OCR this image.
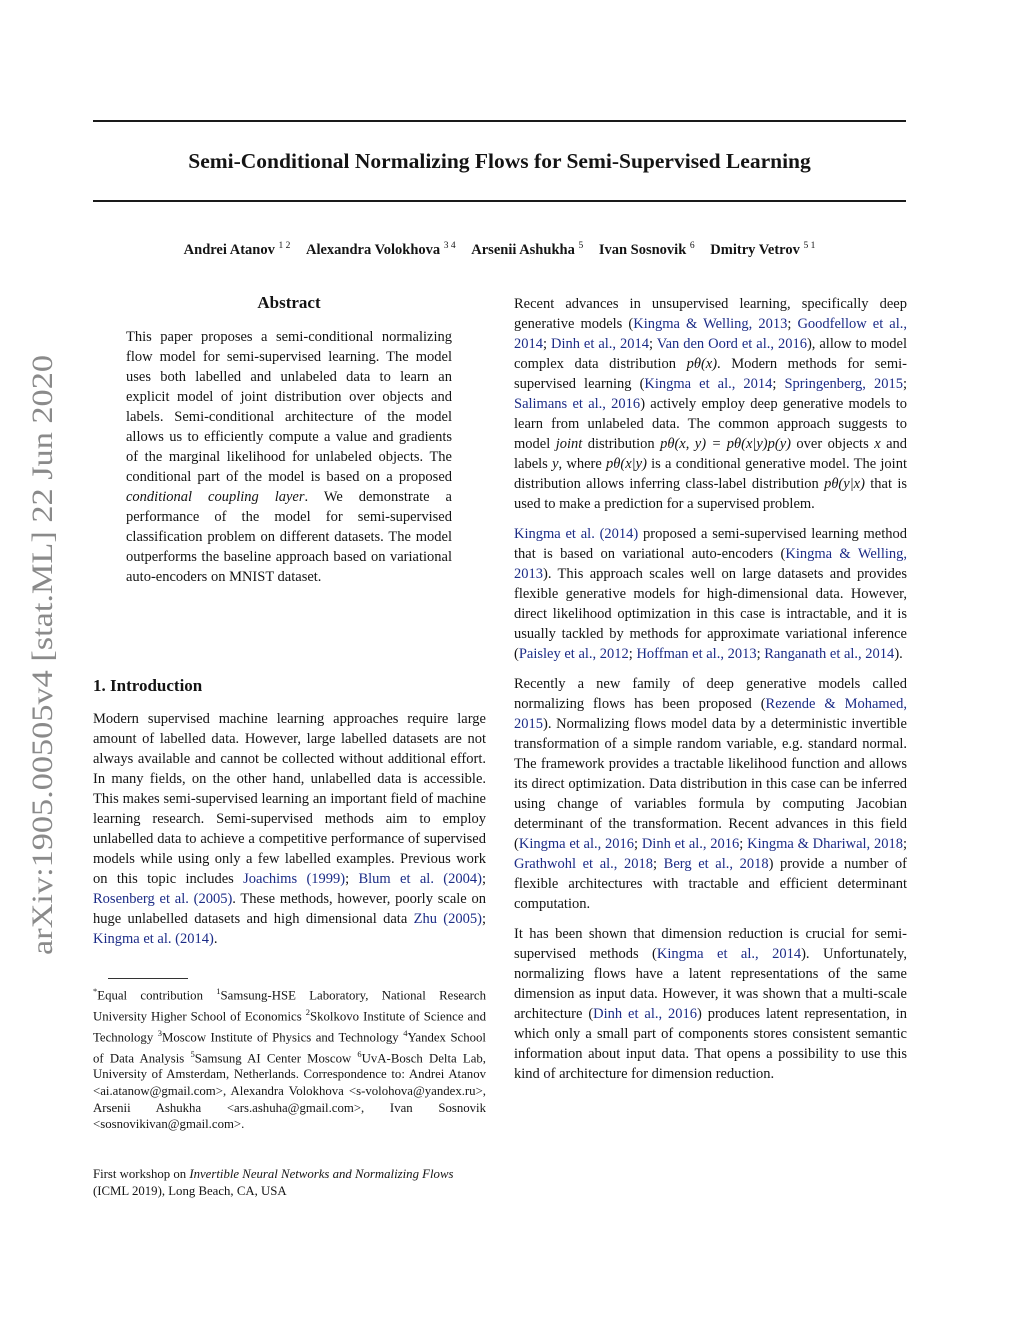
Semi-Conditional Normalizing Flows for Semi-Supervised Learning
Andrei Atanov $^{1 2}$ Alexandra Volokhova $^{3 4}$ Arsenii Ashukha $^5$ Ivan Sosnovik $^6$ Dmitry Vetrov $^{5 1}$
arXiv:1905.00505v4 [stat.ML] 22 Jun 2020
Abstract

This paper proposes a semi-conditional normalizing flow model for semi-supervised learning. The model uses both labelled and unlabeled data to learn an explicit model of joint distribution over objects and labels. Semi-conditional architecture of the model allows us to efficiently compute a value and gradients of the marginal likelihood for unlabeled objects. The conditional part of the model is based on a proposed conditional coupling layer. We demonstrate a performance of the model for semi-supervised classification problem on different datasets. The model outperforms the baseline approach based on variational auto-encoders on MNIST dataset.

1. Introduction

Modern supervised machine learning approaches require large amount of labelled data. However, large labelled datasets are not always available and cannot be collected without additional effort. In many fields, on the other hand, unlabelled data is accessible. This makes semi-supervised learning an important field of machine learning research. Semi-supervised methods aim to employ unlabelled data to achieve a competitive performance of supervised models while using only a few labelled examples. Previous work on this topic includes Joachims (1999); Blum et al. (2004); Rosenberg et al. (2005). These methods, however, poorly scale on huge unlabelled datasets and high dimensional data Zhu (2005); Kingma et al. (2014).

*Equal contribution $^1$Samsung-HSE Laboratory, National Research University Higher School of Economics $^2$Skolkovo Institute of Science and Technology $^3$Moscow Institute of Physics and Technology $^4$Yandex School of Data Analysis $^5$Samsung AI Center Moscow $^6$UvA-Bosch Delta Lab, University of Amsterdam, Netherlands. Correspondence to: Andrei Atanov <ai.atanow@gmail.com>, Alexandra Volokhova <s-volohova@yandex.ru>, Arsenii Ashukha <ars.ashuha@gmail.com>, Ivan Sosnovik <sosnovikivan@gmail.com>.

First workshop on Invertible Neural Networks and Normalizing Flows (ICML 2019), Long Beach, CA, USA

Recent advances in unsupervised learning, specifically deep generative models (Kingma & Welling, 2013; Goodfellow et al., 2014; Dinh et al., 2014; Van den Oord et al., 2016), allow to model complex data distribution pθ(x). Modern methods for semi-supervised learning (Kingma et al., 2014; Springenberg, 2015; Salimans et al., 2016) actively employ deep generative models to learn from unlabeled data. The common approach suggests to model joint distribution pθ(x, y) = pθ(x|y)p(y) over objects x and labels y, where pθ(x|y) is a conditional generative model. The joint distribution allows inferring class-label distribution pθ(y|x) that is used to make a prediction for a supervised problem.

Kingma et al. (2014) proposed a semi-supervised learning method that is based on variational auto-encoders (Kingma & Welling, 2013). This approach scales well on large datasets and provides flexible generative models for high-dimensional data. However, direct likelihood optimization in this case is intractable, and it is usually tackled by methods for approximate variational inference (Paisley et al., 2012; Hoffman et al., 2013; Ranganath et al., 2014).

Recently a new family of deep generative models called normalizing flows has been proposed (Rezende & Mohamed, 2015). Normalizing flows model data by a deterministic invertible transformation of a simple random variable, e.g. standard normal. The framework provides a tractable likelihood function and allows its direct optimization. Data distribution in this case can be inferred using change of variables formula by computing Jacobian determinant of the transformation. Recent advances in this field (Kingma et al., 2016; Dinh et al., 2016; Kingma & Dhariwal, 2018; Grathwohl et al., 2018; Berg et al., 2018) provide a number of flexible architectures with tractable and efficient determinant computation.

It has been shown that dimension reduction is crucial for semi-supervised methods (Kingma et al., 2014). Unfortunately, normalizing flows have a latent representations of the same dimension as input data. However, it was shown that a multi-scale architecture (Dinh et al., 2016) produces latent representation, in which only a small part of components stores consistent semantic information about input data. That opens a possibility to use this kind of architecture for dimension reduction.
